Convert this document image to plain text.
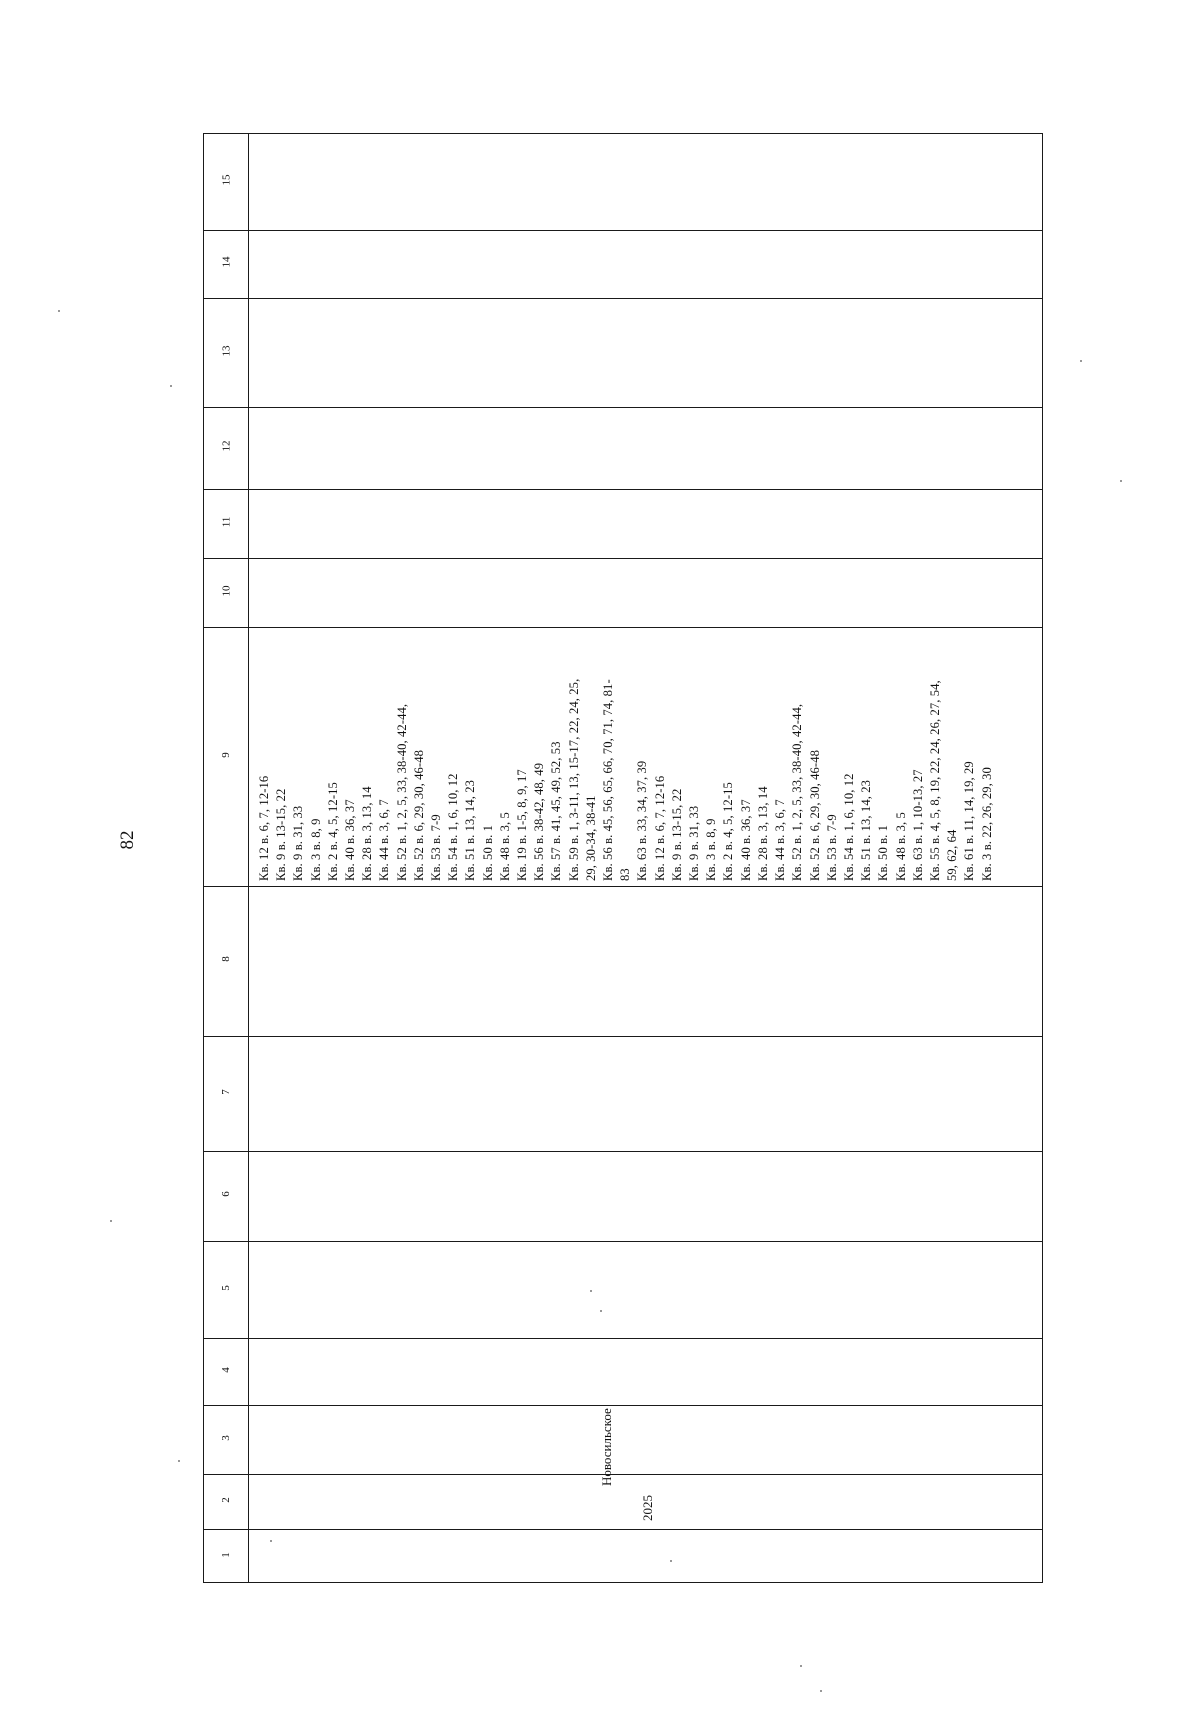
82
15
14
13
12
11
10
9
8
7
6
5
4
3
2
1
Кв. 12 в. 6, 7, 12-16 Кв. 9 в. 13-15, 22 Кв. 9 в. 31, 33 Кв. 3 в. 8, 9 Кв. 2 в. 4, 5, 12-15 Кв. 40 в. 36, 37 Кв. 28 в. 3, 13, 14 Кв. 44 в. 3, 6, 7 Кв. 52 в. 1, 2, 5, 33, 38-40, 42-44, Кв. 52 в. 6, 29, 30, 46-48 Кв. 53 в. 7-9 Кв. 54 в. 1, 6, 10, 12 Кв. 51 в. 13, 14, 23 Кв. 50 в. 1 Кв. 48 в. 3, 5 Кв. 19 в. 1-5, 8, 9, 17 Кв. 56 в. 38-42, 48, 49 Кв. 57 в. 41, 45, 49, 52, 53 Кв. 59 в. 1, 3-11, 13, 15-17, 22, 24, 25, 29, 30-34, 38-41 Кв. 56 в. 45, 56, 65, 66, 70, 71, 74, 81- 83 Кв. 63 в. 33, 34, 37, 39 Кв. 12 в. 6, 7, 12-16 Кв. 9 в. 13-15, 22 Кв. 9 в. 31, 33 Кв. 3 в. 8, 9 Кв. 2 в. 4, 5, 12-15 Кв. 40 в. 36, 37 Кв. 28 в. 3, 13, 14 Кв. 44 в. 3, 6, 7 Кв. 52 в. 1, 2, 5, 33, 38-40, 42-44, Кв. 52 в. 6, 29, 30, 46-48 Кв. 53 в. 7-9 Кв. 54 в. 1, 6, 10, 12 Кв. 51 в. 13, 14, 23 Кв. 50 в. 1 Кв. 48 в. 3, 5 Кв. 63 в. 1, 10-13, 27 Кв. 55 в. 4, 5, 8, 19, 22, 24, 26, 27, 54, 59, 62, 64 Кв. 61 в. 11, 14, 19, 29 Кв. 3 в. 22, 26, 29, 30
Новосильское
2025
